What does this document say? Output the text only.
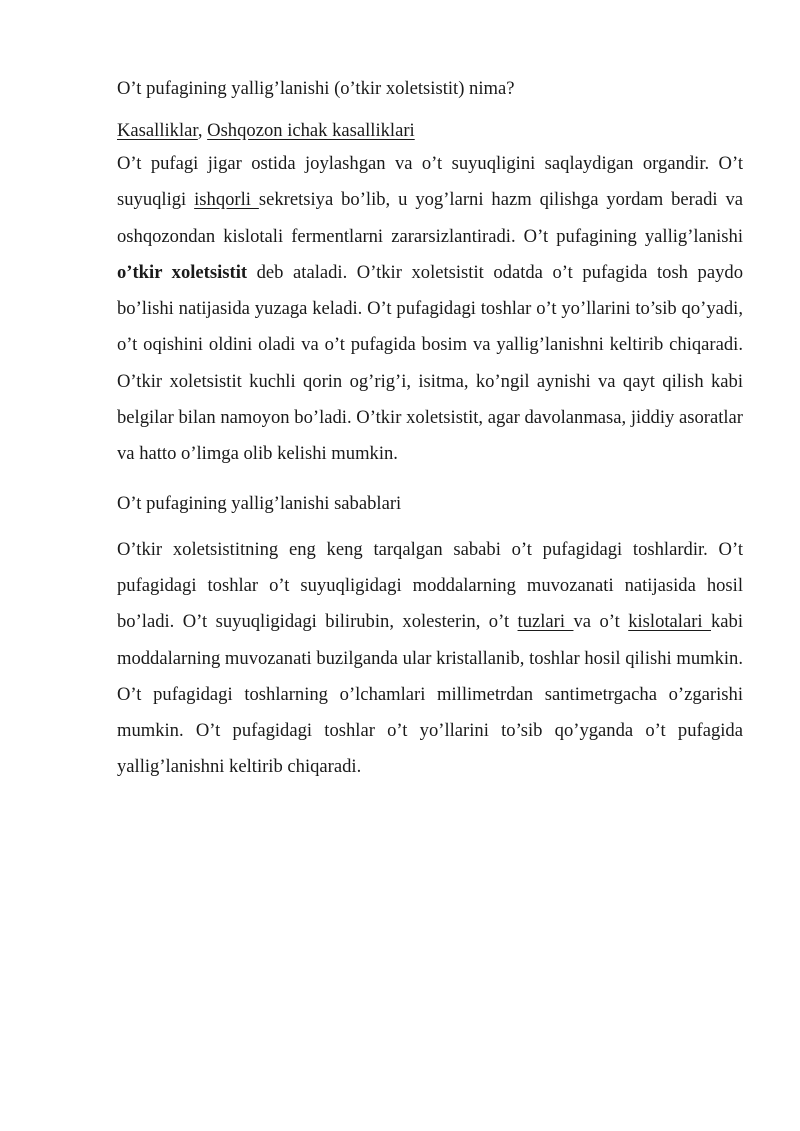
O’t pufagining yallig’lanishi (o’tkir xoletsistit) nima?
Kasalliklar, Oshqozon ichak kasalliklari

O’t pufagi jigar ostida joylashgan va o’t suyuqligini saqlaydigan organdir. O’t suyuqligi ishqorli sekretsiya bo’lib, u yog’larni hazm qilishga yordam beradi va oshqozondan kislotali fermentlarni zararsizlantiradi. O’t pufagining yallig’lanishi o’tkir xoletsistit deb ataladi. O’tkir xoletsistit odatda o’t pufagida tosh paydo bo’lishi natijasida yuzaga keladi. O’t pufagidagi toshlar o’t yo’llarini to’sib qo’yadi, o’t oqishini oldini oladi va o’t pufagida bosim va yallig’lanishni keltirib chiqaradi. O’tkir xoletsistit kuchli qorin og’rig’i, isitma, ko’ngil aynishi va qayt qilish kabi belgilar bilan namoyon bo’ladi. O’tkir xoletsistit, agar davolanmasa, jiddiy asoratlar va hatto o’limga olib kelishi mumkin.

O’t pufagining yallig’lanishi sabablari

O’tkir xoletsistitning eng keng tarqalgan sababi o’t pufagidagi toshlardir. O’t pufagidagi toshlar o’t suyuqligidagi moddalarning muvozanati natijasida hosil bo’ladi. O’t suyuqligidagi bilirubin, xolesterin, o’t tuzlari va o’t kislotalari kabi moddalarning muvozanati buzilganda ular kristallanib, toshlar hosil qilishi mumkin. O’t pufagidagi toshlarning o’lchamlari millimetrdan santimetrgacha o’zgarishi mumkin. O’t pufagidagi toshlar o’t yo’llarini to’sib qo’yganda o’t pufagida yallig’lanishni keltirib chiqaradi.
